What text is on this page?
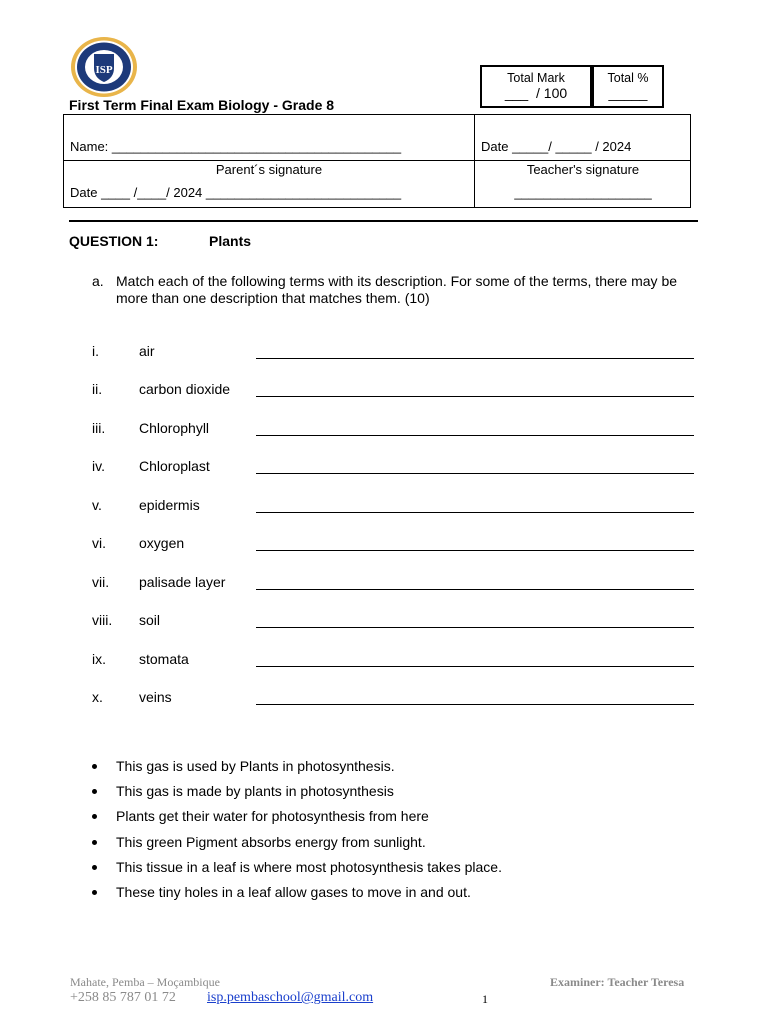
ISP
First Term Final Exam Biology - Grade 8
Total Mark
___  / 100
Total %
_____
Name: ________________________________________	Date _____/ _____ / 2024
Parent´s signature	Teacher's signature
Date ____ /____/ 2024 ___________________________	___________________
QUESTION 1:	Plants
a. Match each of the following terms with its description. For some of the terms, there may be more than one description that matches them. (10)
i.	air
ii.	carbon dioxide
iii. Chlorophyll
iv. Chloroplast
v.	epidermis
vi. oxygen
vii. palisade layer
viii. soil
ix. stomata
x.	veins
This gas is used by Plants in photosynthesis.
This gas is made by plants in photosynthesis
Plants get their water for photosynthesis from here
This green Pigment absorbs energy from sunlight.
This tissue in a leaf is where most photosynthesis takes place.
These tiny holes in a leaf allow gases to move in and out.
Mahate, Pemba – Moçambique	Examiner: Teacher Teresa
+258 85 787 01 72 isp.pembaschool@gmail.com	1
